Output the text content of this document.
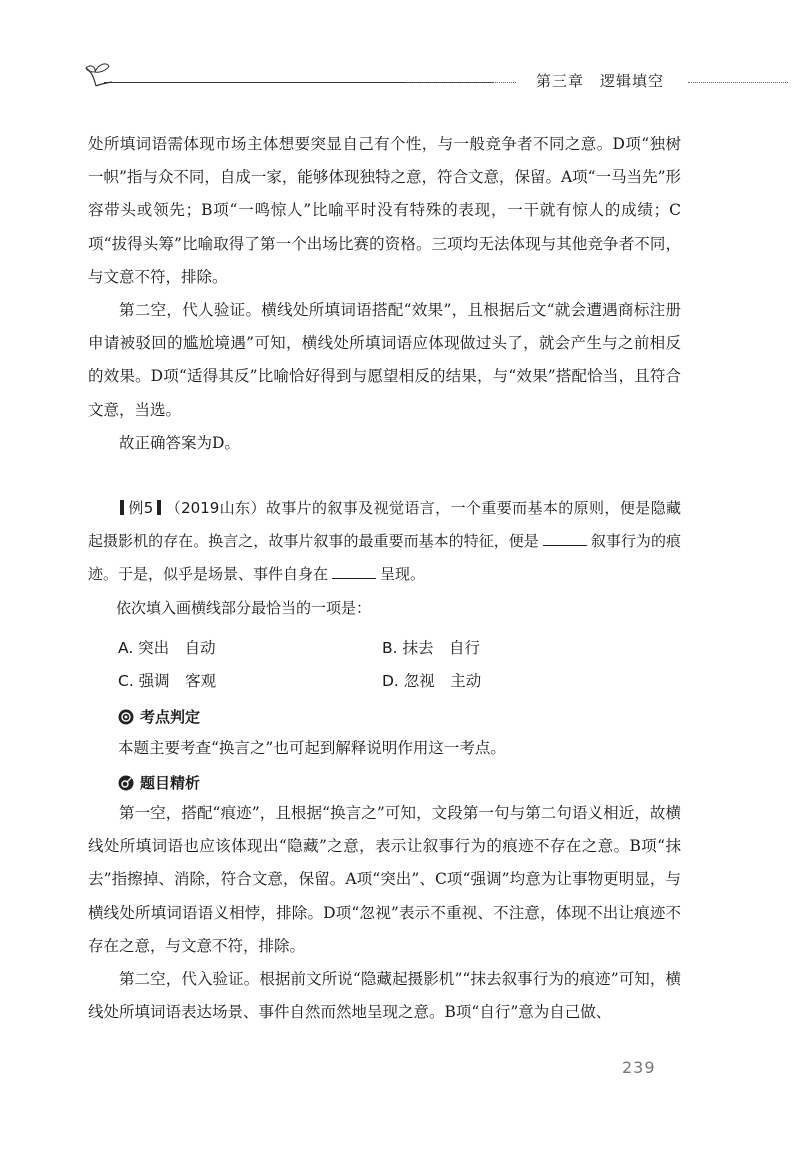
第三章　逻辑填空

处所填词语需体现市场主体想要突显自己有个性，与一般竞争者不同之意。D项“独树一帜”指与众不同，自成一家，能够体现独特之意，符合文意，保留。A项“一马当先”形容带头或领先；B项“一鸣惊人”比喻平时没有特殊的表现，一干就有惊人的成绩；C项“拔得头筹”比喻取得了第一个出场比赛的资格。三项均无法体现与其他竞争者不同，与文意不符，排除。

第二空，代人验证。横线处所填词语搭配“效果”，且根据后文“就会遭遇商标注册申请被驳回的尴尬境遇”可知，横线处所填词语应体现做过头了，就会产生与之前相反的效果。D项“适得其反”比喻恰好得到与愿望相反的结果，与“效果”搭配恰当，且符合文意，当选。

故正确答案为D。

例5 （2019山东）故事片的叙事及视觉语言，一个重要而基本的原则，便是隐藏起摄影机的存在。换言之，故事片叙事的最重要而基本的特征，便是	叙事行为的痕迹。于是，似乎是场景、事件自身在	呈现。

依次填入画横线部分最恰当的一项是：

A. 突出　自动	B. 抹去　自行
C. 强调　客观	D. 忽视　主动
考点判定

本题主要考查“换言之”也可起到解释说明作用这一考点。

题目精析

第一空，搭配“痕迹”，且根据“换言之”可知，文段第一句与第二句语义相近，故横线处所填词语也应该体现出“隐藏”之意，表示让叙事行为的痕迹不存在之意。B项“抹去”指擦掉、消除，符合文意，保留。A项“突出”、C项“强调”均意为让事物更明显，与横线处所填词语语义相悖，排除。D项“忽视”表示不重视、不注意，体现不出让痕迹不存在之意，与文意不符，排除。

第二空，代入验证。根据前文所说“隐藏起摄影机”“抹去叙事行为的痕迹”可知，横线处所填词语表达场景、事件自然而然地呈现之意。B项“自行”意为自己做、

239
